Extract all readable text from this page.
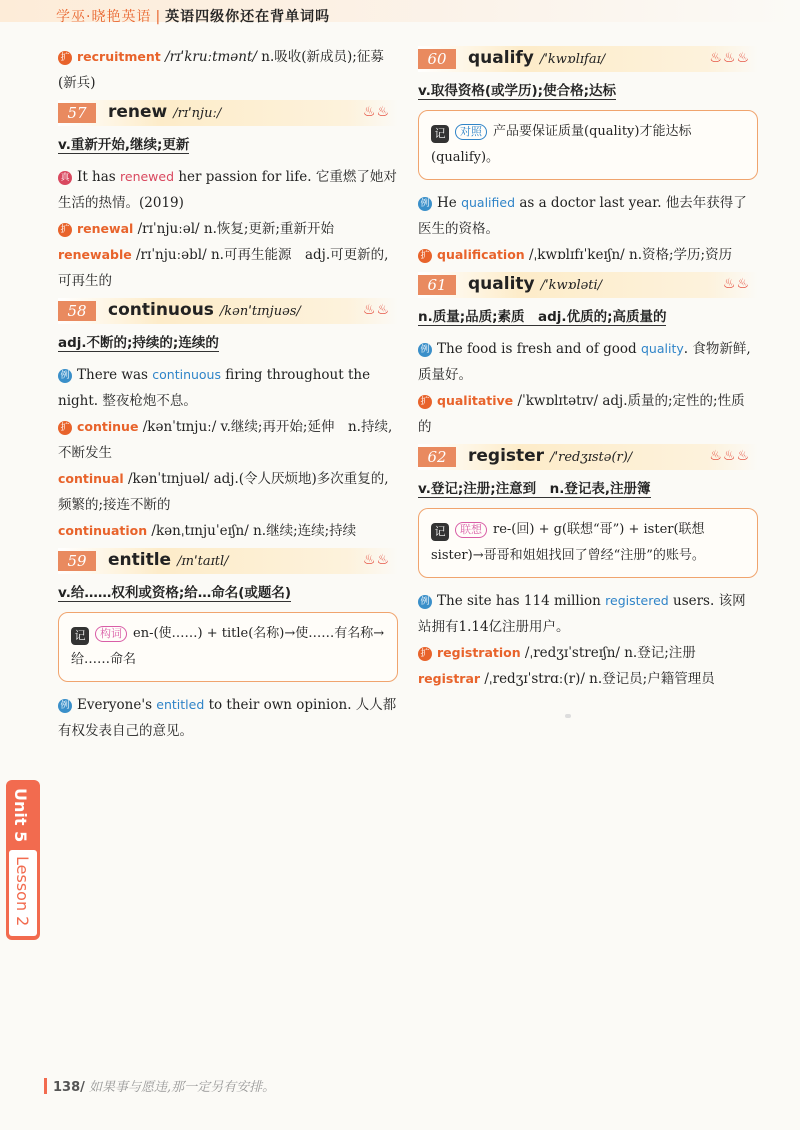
学巫·晓艳英语 | 英语四级你还在背单词吗
扩 recruitment /rɪˈkruːtmənt/ n.吸收(新成员);征募(新兵)
57	renew /rɪˈnjuː/	♨♨
v.重新开始,继续;更新
真 It has renewed her passion for life. 它重燃了她对生活的热情。(2019)
扩 renewal /rɪˈnjuːəl/ n.恢复;更新;重新开始
renewable /rɪˈnjuːəbl/ n.可再生能源　adj.可更新的,可再生的
58	continuous /kənˈtɪnjuəs/	♨♨
adj.不断的;持续的;连续的
例 There was continuous firing throughout the night. 整夜枪炮不息。
扩 continue /kənˈtɪnjuː/ v.继续;再开始;延伸　n.持续,不断发生
continual /kənˈtɪnjuəl/ adj.(令人厌烦地)多次重复的,频繁的;接连不断的
continuation /kənˌtɪnjuˈeɪʃn/ n.继续;连续;持续
59	entitle /ɪnˈtaɪtl/	♨♨
v.给……权利或资格;给…命名(或题名)
记 构词 en-(使……) + title(名称)→使……有名称→给……命名
例 Everyone's entitled to their own opinion. 人人都有权发表自己的意见。
60	qualify /ˈkwɒlɪfaɪ/	♨♨♨
v.取得资格(或学历);使合格;达标
记 对照 产品要保证质量(quality)才能达标(qualify)。
例 He qualified as a doctor last year. 他去年获得了医生的资格。
扩 qualification /ˌkwɒlɪfɪˈkeɪʃn/ n.资格;学历;资历
61	quality /ˈkwɒləti/	♨♨
n.质量;品质;素质　adj.优质的;高质量的
例 The food is fresh and of good quality. 食物新鲜,质量好。
扩 qualitative /ˈkwɒlɪtətɪv/ adj.质量的;定性的;性质的
62	register /ˈredʒɪstə(r)/	♨♨♨
v.登记;注册;注意到　n.登记表,注册簿
记 联想 re-(回) + g(联想“哥”) + ister(联想sister)→哥哥和姐姐找回了曾经“注册”的账号。
例 The site has 114 million registered users. 该网站拥有1.14亿注册用户。
扩 registration /ˌredʒɪˈstreɪʃn/ n.登记;注册
registrar /ˌredʒɪˈstrɑː(r)/ n.登记员;户籍管理员
Unit 5
Lesson 2
138/ 如果事与愿违,那一定另有安排。
